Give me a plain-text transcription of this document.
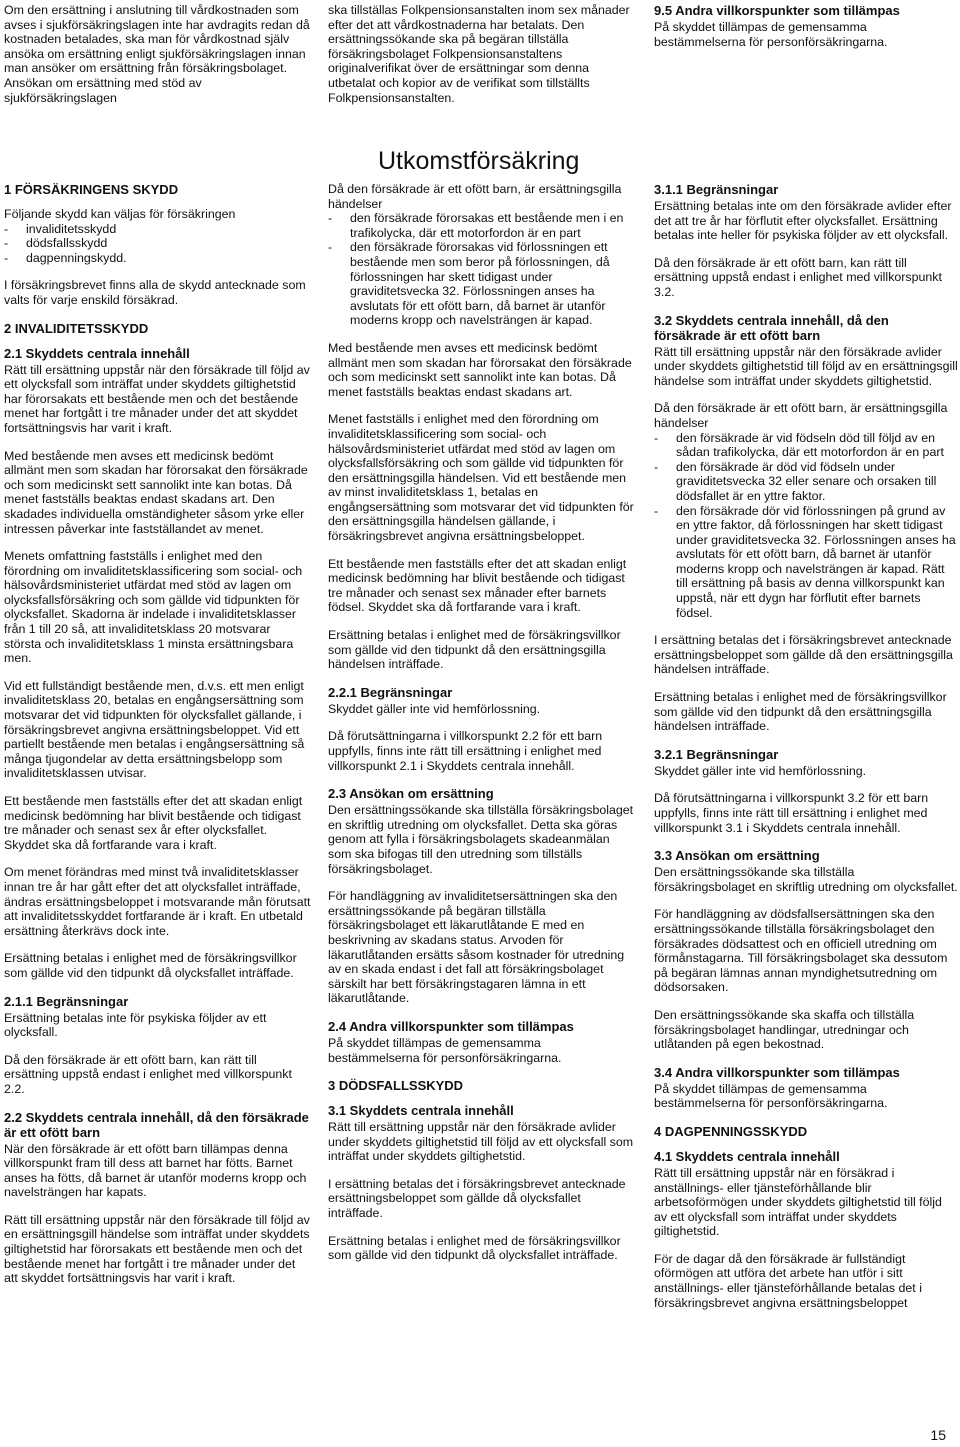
Om den ersättning i anslutning till vårdkostnaden som avses i sjukförsäkringslagen inte har avdragits redan då kostnaden betalades, ska man för vårdkostnad själv ansöka om ersättning enligt sjukförsäkringslagen innan man ansöker om ersättning från försäkringsbolaget. Ansökan om ersättning med stöd av sjukförsäkringslagen

ska tillställas Folkpensionsanstalten inom sex månader efter det att vårdkostnaderna har betalats. Den ersättningssökande ska på begäran tillställa försäkringsbolaget Folkpensionsanstaltens originalverifikat över de ersättningar som denna utbetalat och kopior av de verifikat som tillställts Folkpensionsanstalten.

9.5 Andra villkorspunkter som tillämpas

På skyddet tillämpas de gemensamma bestämmelserna för personförsäkringarna.

Utkomstförsäkring
1 FÖRSÄKRINGENS SKYDD

Följande skydd kan väljas för försäkringen

- invaliditetsskydd
- dödsfallsskydd
- dagpenningskydd.

I försäkringsbrevet finns alla de skydd antecknade som valts för varje enskild försäkrad.

2 INVALIDITETSSKYDD
2.1 Skyddets centrala innehåll

Rätt till ersättning uppstår när den försäkrade till följd av ett olycksfall som inträffat under skyddets giltighetstid har förorsakats ett bestående men och det bestående menet har fortgått i tre månader under det att skyddet fortsättningsvis har varit i kraft.

Med bestående men avses ett medicinsk bedömt allmänt men som skadan har förorsakat den försäkrade och som medicinskt sett sannolikt inte kan botas. Då menet fastställs beaktas endast skadans art. Den skadades individuella omständigheter såsom yrke eller intressen påverkar inte fastställandet av menet.

Menets omfattning fastställs i enlighet med den förordning om invaliditetsklassificering som social- och hälsovårdsministeriet utfärdat med stöd av lagen om olycksfallsförsäkring och som gällde vid tidpunkten för olycksfallet. Skadorna är indelade i invaliditetsklasser från 1 till 20 så, att invaliditetsklass 20 motsvarar största och invaliditetsklass 1 minsta ersättningsbara men.

Vid ett fullständigt bestående men, d.v.s. ett men enligt invaliditetsklass 20, betalas en engångsersättning som motsvarar det vid tidpunkten för olycksfallet gällande, i försäkringsbrevet angivna ersättningsbeloppet. Vid ett partiellt bestående men betalas i engångsersättning så många tjugondelar av detta ersättningsbelopp som invaliditetsklassen utvisar.

Ett bestående men fastställs efter det att skadan enligt medicinsk bedömning har blivit bestående och tidigast tre månader och senast sex år efter olycksfallet. Skyddet ska då fortfarande vara i kraft.

Om menet förändras med minst två invaliditetsklasser innan tre år har gått efter det att olycksfallet inträffade, ändras ersättningsbeloppet i motsvarande mån förutsatt att invaliditetsskyddet fortfarande är i kraft. En utbetald ersättning återkrävs dock inte.

Ersättning betalas i enlighet med de försäkringsvillkor som gällde vid den tidpunkt då olycksfallet inträffade.

2.1.1 Begränsningar

Ersättning betalas inte för psykiska följder av ett olycksfall.

Då den försäkrade är ett ofött barn, kan rätt till ersättning uppstå endast i enlighet med villkorspunkt 2.2.

2.2 Skyddets centrala innehåll, då den försäkrade är ett ofött barn

När den försäkrade är ett ofött barn tillämpas denna villkorspunkt fram till dess att barnet har fötts. Barnet anses ha fötts, då barnet är utanför moderns kropp och navelsträngen har kapats.

Rätt till ersättning uppstår när den försäkrade till följd av en ersättningsgill händelse som inträffat under skyddets giltighetstid har förorsakats ett bestående men och det bestående menet har fortgått i tre månader under det att skyddet fortsättningsvis har varit i kraft.

Då den försäkrade är ett ofött barn, är ersättningsgilla händelser

- den försäkrade förorsakas ett bestående men i en trafikolycka, där ett motorfordon är en part
- den försäkrade förorsakas vid förlossningen ett bestående men som beror på förlossningen, då förlossningen har skett tidigast under graviditetsvecka 32. Förlossningen anses ha avslutats för ett ofött barn, då barnet är utanför moderns kropp och navelsträngen är kapad.

Med bestående men avses ett medicinsk bedömt allmänt men som skadan har förorsakat den försäkrade och som medicinskt sett sannolikt inte kan botas. Då menet fastställs beaktas endast skadans art.

Menet fastställs i enlighet med den förordning om invaliditetsklassificering som social- och hälsovårdsministeriet utfärdat med stöd av lagen om olycksfallsförsäkring och som gällde vid tidpunkten för den ersättningsgilla händelsen. Vid ett bestående men av minst invaliditetsklass 1, betalas en engångsersättning som motsvarar det vid tidpunkten för den ersättningsgilla händelsen gällande, i försäkringsbrevet angivna ersättningsbeloppet.

Ett bestående men fastställs efter det att skadan enligt medicinsk bedömning har blivit bestående och tidigast tre månader och senast sex månader efter barnets födsel. Skyddet ska då fortfarande vara i kraft.

Ersättning betalas i enlighet med de försäkringsvillkor som gällde vid den tidpunkt då den ersättningsgilla händelsen inträffade.

2.2.1 Begränsningar

Skyddet gäller inte vid hemförlossning.

Då förutsättningarna i villkorspunkt 2.2 för ett barn uppfylls, finns inte rätt till ersättning i enlighet med villkorspunkt 2.1 i Skyddets centrala innehåll.

2.3 Ansökan om ersättning

Den ersättningssökande ska tillställa försäkringsbolaget en skriftlig utredning om olycksfallet. Detta ska göras genom att fylla i försäkringsbolagets skadeanmälan som ska bifogas till den utredning som tillställs försäkringsbolaget.

För handläggning av invaliditetsersättningen ska den ersättningssökande på begäran tillställa försäkringsbolaget ett läkarutlåtande E med en beskrivning av skadans status. Arvoden för läkarutlåtanden ersätts såsom kostnader för utredning av en skada endast i det fall att försäkringsbolaget särskilt har bett försäkringstagaren lämna in ett läkarutlåtande.

2.4 Andra villkorspunkter som tillämpas

På skyddet tillämpas de gemensamma bestämmelserna för personförsäkringarna.

3 DÖDSFALLSSKYDD
3.1 Skyddets centrala innehåll

Rätt till ersättning uppstår när den försäkrade avlider under skyddets giltighetstid till följd av ett olycksfall som inträffat under skyddets giltighetstid.

I ersättning betalas det i försäkringsbrevet antecknade ersättningsbeloppet som gällde då olycksfallet inträffade.

Ersättning betalas i enlighet med de försäkringsvillkor som gällde vid den tidpunkt då olycksfallet inträffade.

3.1.1 Begränsningar

Ersättning betalas inte om den försäkrade avlider efter det att tre år har förflutit efter olycksfallet. Ersättning betalas inte heller för psykiska följder av ett olycksfall.

Då den försäkrade är ett ofött barn, kan rätt till ersättning uppstå endast i enlighet med villkorspunkt 3.2.

3.2 Skyddets centrala innehåll, då den försäkrade är ett ofött barn

Rätt till ersättning uppstår när den försäkrade avlider under skyddets giltighetstid till följd av en ersättningsgill händelse som inträffat under skyddets giltighetstid.

Då den försäkrade är ett ofött barn, är ersättningsgilla händelser

- den försäkrade är vid födseln död till följd av en sådan trafikolycka, där ett motorfordon är en part
- den försäkrade är död vid födseln under graviditetsvecka 32 eller senare och orsaken till dödsfallet är en yttre faktor.
- den försäkrade dör vid förlossningen på grund av en yttre faktor, då förlossningen har skett tidigast under graviditetsvecka 32. Förlossningen anses ha avslutats för ett ofött barn, då barnet är utanför moderns kropp och navelsträngen är kapad. Rätt till ersättning på basis av denna villkorspunkt kan uppstå, när ett dygn har förflutit efter barnets födsel.

I ersättning betalas det i försäkringsbrevet antecknade ersättningsbeloppet som gällde då den ersättningsgilla händelsen inträffade.

Ersättning betalas i enlighet med de försäkringsvillkor som gällde vid den tidpunkt då den ersättningsgilla händelsen inträffade.

3.2.1 Begränsningar

Skyddet gäller inte vid hemförlossning.

Då förutsättningarna i villkorspunkt 3.2 för ett barn uppfylls, finns inte rätt till ersättning i enlighet med villkorspunkt 3.1 i Skyddets centrala innehåll.

3.3 Ansökan om ersättning

Den ersättningssökande ska tillställa försäkringsbolaget en skriftlig utredning om olycksfallet.

För handläggning av dödsfallsersättningen ska den ersättningssökande tillställa försäkringsbolaget den försäkrades dödsattest och en officiell utredning om förmånstagarna. Till försäkringsbolaget ska dessutom på begäran lämnas annan myndighetsutredning om dödsorsaken.

Den ersättningssökande ska skaffa och tillställa försäkringsbolaget handlingar, utredningar och utlåtanden på egen bekostnad.

3.4 Andra villkorspunkter som tillämpas

På skyddet tillämpas de gemensamma bestämmelserna för personförsäkringarna.

4 DAGPENNINGSSKYDD
4.1 Skyddets centrala innehåll

Rätt till ersättning uppstår när en försäkrad i anställnings- eller tjänsteförhållande blir arbetsoförmögen under skyddets giltighetstid till följd av ett olycksfall som inträffat under skyddets giltighetstid.

För de dagar då den försäkrade är fullständigt oförmögen att utföra det arbete han utför i sitt anställnings- eller tjänsteförhållande betalas det i försäkringsbrevet angivna ersättningsbeloppet

15
